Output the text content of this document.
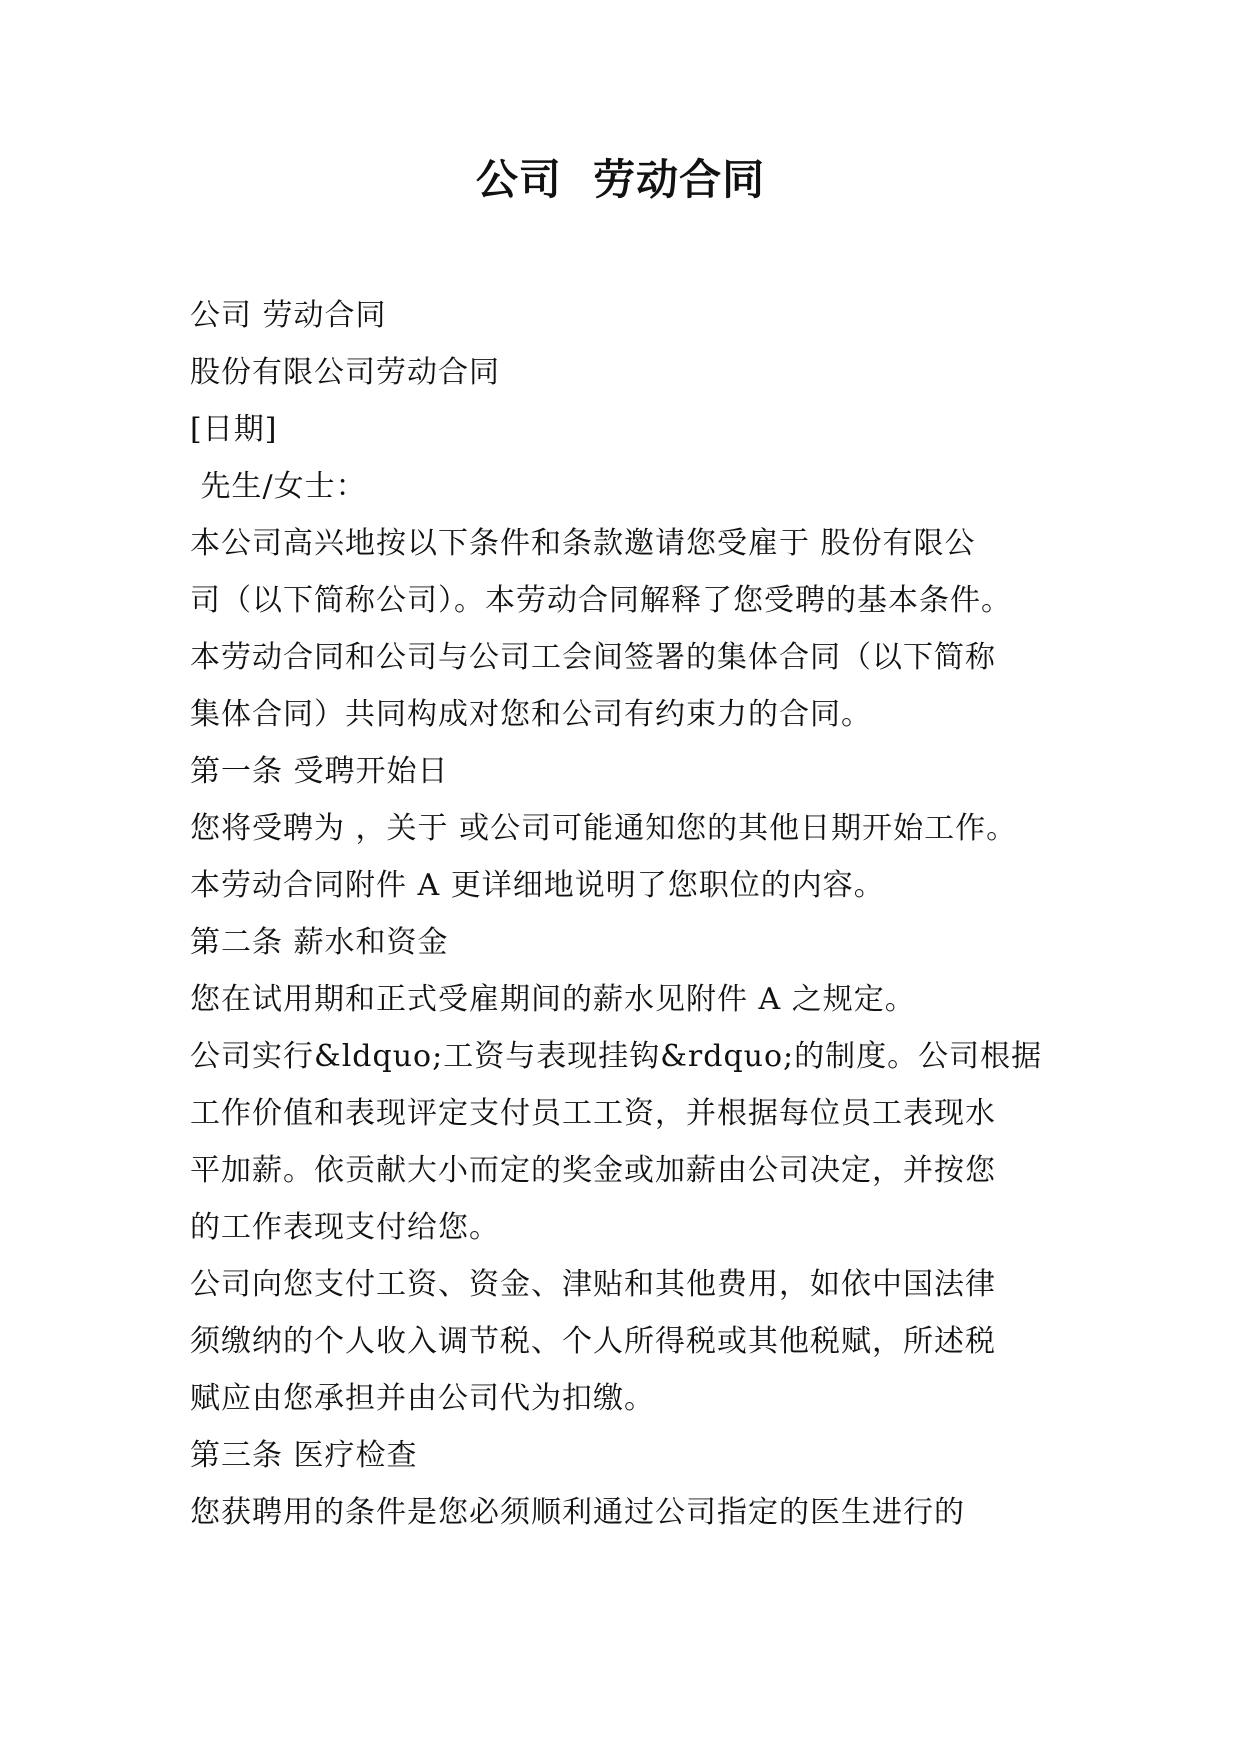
公司  劳动合同
公司 劳动合同
股份有限公司劳动合同
[日期]
先生/女士：
本公司高兴地按以下条件和条款邀请您受雇于 股份有限公
司（以下简称公司）。本劳动合同解释了您受聘的基本条件。
本劳动合同和公司与公司工会间签署的集体合同（以下简称
集体合同）共同构成对您和公司有约束力的合同。
第一条 受聘开始日
您将受聘为 ，关于 或公司可能通知您的其他日期开始工作。
本劳动合同附件 A 更详细地说明了您职位的内容。
第二条 薪水和资金
您在试用期和正式受雇期间的薪水见附件 A 之规定。
公司实行&ldquo;工资与表现挂钩&rdquo;的制度。公司根据
工作价值和表现评定支付员工工资，并根据每位员工表现水
平加薪。依贡献大小而定的奖金或加薪由公司决定，并按您
的工作表现支付给您。
公司向您支付工资、资金、津贴和其他费用，如依中国法律
须缴纳的个人收入调节税、个人所得税或其他税赋，所述税
赋应由您承担并由公司代为扣缴。
第三条 医疗检查
您获聘用的条件是您必须顺利通过公司指定的医生进行的
